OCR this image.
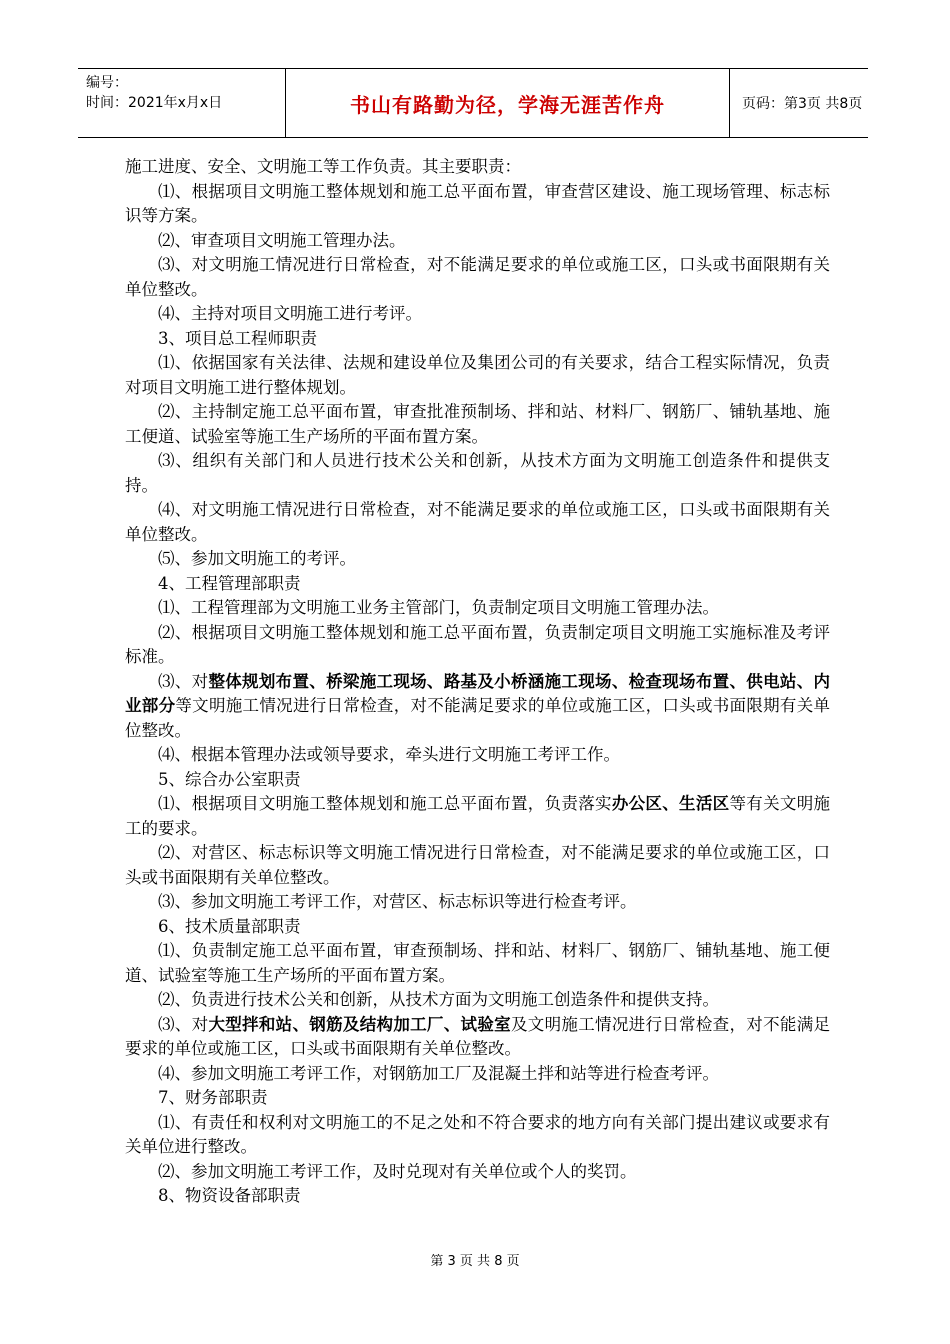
编号：
时间：2021年x月x日	书山有路勤为径，学海无涯苦作舟	页码：第3页 共8页

施工进度、安全、文明施工等工作负责。其主要职责：

⑴、根据项目文明施工整体规划和施工总平面布置，审查营区建设、施工现场管理、标志标识等方案。

⑵、审查项目文明施工管理办法。

⑶、对文明施工情况进行日常检查，对不能满足要求的单位或施工区，口头或书面限期有关单位整改。

⑷、主持对项目文明施工进行考评。

3、项目总工程师职责

⑴、依据国家有关法律、法规和建设单位及集团公司的有关要求，结合工程实际情况，负责对项目文明施工进行整体规划。

⑵、主持制定施工总平面布置，审查批准预制场、拌和站、材料厂、钢筋厂、铺轨基地、施工便道、试验室等施工生产场所的平面布置方案。

⑶、组织有关部门和人员进行技术公关和创新，从技术方面为文明施工创造条件和提供支持。

⑷、对文明施工情况进行日常检查，对不能满足要求的单位或施工区，口头或书面限期有关单位整改。

⑸、参加文明施工的考评。

4、工程管理部职责

⑴、工程管理部为文明施工业务主管部门，负责制定项目文明施工管理办法。

⑵、根据项目文明施工整体规划和施工总平面布置，负责制定项目文明施工实施标准及考评标准。

⑶、对整体规划布置、桥梁施工现场、路基及小桥涵施工现场、检查现场布置、供电站、内业部分等文明施工情况进行日常检查，对不能满足要求的单位或施工区，口头或书面限期有关单位整改。

⑷、根据本管理办法或领导要求，牵头进行文明施工考评工作。

5、综合办公室职责

⑴、根据项目文明施工整体规划和施工总平面布置，负责落实办公区、生活区等有关文明施工的要求。

⑵、对营区、标志标识等文明施工情况进行日常检查，对不能满足要求的单位或施工区，口头或书面限期有关单位整改。

⑶、参加文明施工考评工作，对营区、标志标识等进行检查考评。

6、技术质量部职责

⑴、负责制定施工总平面布置，审查预制场、拌和站、材料厂、钢筋厂、铺轨基地、施工便道、试验室等施工生产场所的平面布置方案。

⑵、负责进行技术公关和创新，从技术方面为文明施工创造条件和提供支持。

⑶、对大型拌和站、钢筋及结构加工厂、试验室及文明施工情况进行日常检查，对不能满足要求的单位或施工区，口头或书面限期有关单位整改。

⑷、参加文明施工考评工作，对钢筋加工厂及混凝土拌和站等进行检查考评。

7、财务部职责

⑴、有责任和权利对文明施工的不足之处和不符合要求的地方向有关部门提出建议或要求有关单位进行整改。

⑵、参加文明施工考评工作，及时兑现对有关单位或个人的奖罚。

8、物资设备部职责

第 3 页 共 8 页
